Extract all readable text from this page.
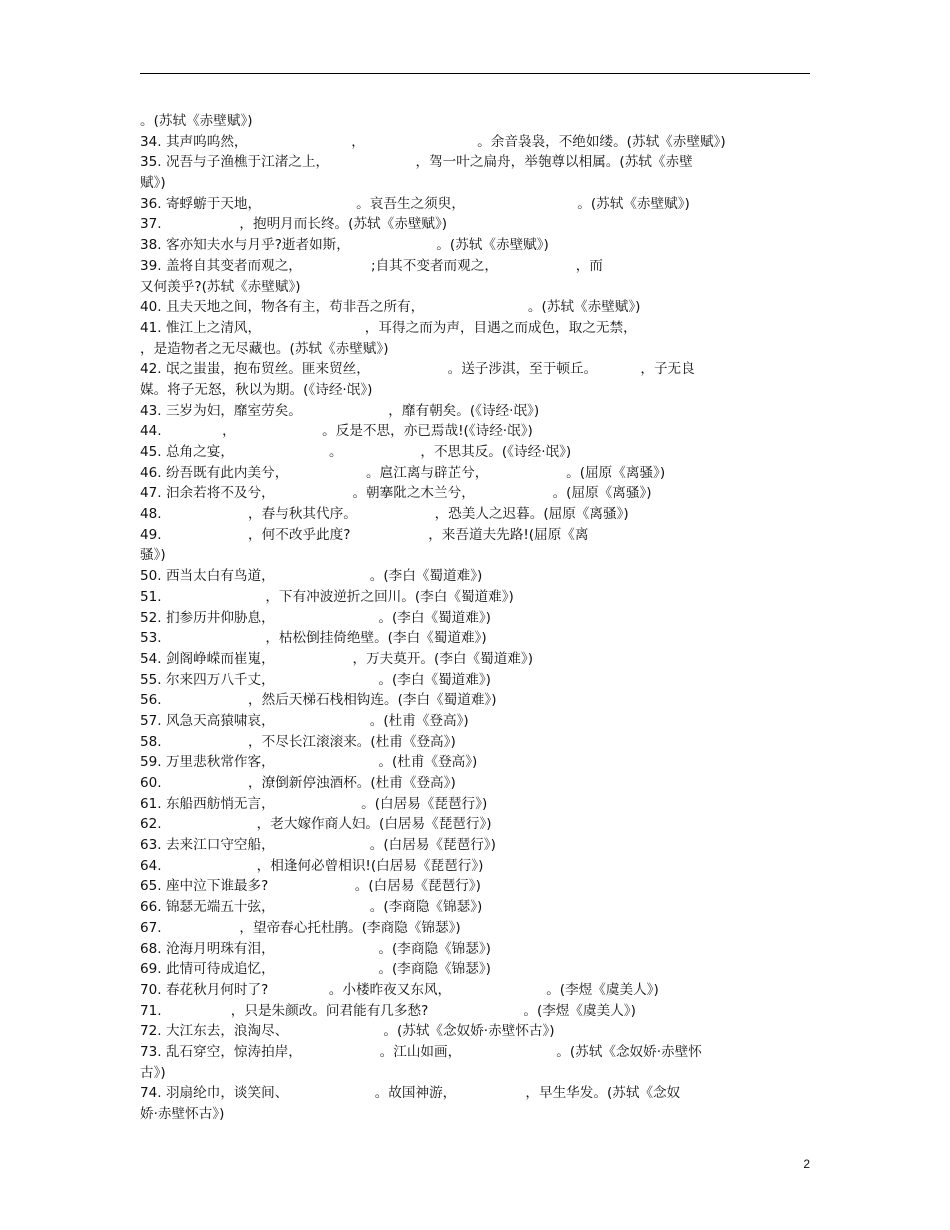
。(苏轼《赤壁赋》)
34. 其声呜呜然，                        ，                          。余音袅袅，不绝如缕。(苏轼《赤壁赋》)
35. 况吾与子渔樵于江渚之上，                    ，驾一叶之扁舟，举匏尊以相属。(苏轼《赤壁
赋》)
36. 寄蜉蝣于天地，                      。哀吾生之须臾，                          。(苏轼《赤壁赋》)
37.                  ，抱明月而长终。(苏轼《赤壁赋》)
38. 客亦知夫水与月乎?逝者如斯，                    。(苏轼《赤壁赋》)
39. 盖将自其变者而观之，                ;自其不变者而观之，                  ，而
又何羡乎?(苏轼《赤壁赋》)
40. 且夫天地之间，物各有主，苟非吾之所有，                        。(苏轼《赤壁赋》)
41. 惟江上之清风，                        ，耳得之而为声，目遇之而成色，取之无禁，
，是造物者之无尽藏也。(苏轼《赤壁赋》)
42. 氓之蚩蚩，抱布贸丝。匪来贸丝，                  。送子涉淇，至于顿丘。          ，子无良
媒。将子无怒，秋以为期。(《诗经·氓》)
43. 三岁为妇，靡室劳矣。                    ，靡有朝矣。(《诗经·氓》)
44.              ，                    。反是不思，亦已焉哉!(《诗经·氓》)
45. 总角之宴，                      。                  ，不思其反。(《诗经·氓》)
46. 纷吾既有此内美兮，                  。扈江离与辟芷兮，                  。(屈原《离骚》)
47. 汩余若将不及兮，                  。朝搴阰之木兰兮，                  。(屈原《离骚》)
48.                    ，春与秋其代序。                  ，恐美人之迟暮。(屈原《离骚》)
49.                    ，何不改乎此度?                  ，来吾道夫先路!(屈原《离
骚》)
50. 西当太白有鸟道，                      。(李白《蜀道难》)
51.                        ，下有冲波逆折之回川。(李白《蜀道难》)
52. 扪参历井仰胁息，                        。(李白《蜀道难》)
53.                        ，枯松倒挂倚绝壁。(李白《蜀道难》)
54. 剑阁峥嵘而崔嵬，                  ，万夫莫开。(李白《蜀道难》)
55. 尔来四万八千丈，                        。(李白《蜀道难》)
56.                    ，然后天梯石栈相钩连。(李白《蜀道难》)
57. 风急天高猿啸哀，                      。(杜甫《登高》)
58.                    ，不尽长江滚滚来。(杜甫《登高》)
59. 万里悲秋常作客，                        。(杜甫《登高》)
60.                    ，潦倒新停浊酒杯。(杜甫《登高》)
61. 东船西舫悄无言，                    。(白居易《琵琶行》)
62.                      ，老大嫁作商人妇。(白居易《琵琶行》)
63. 去来江口守空船，                      。(白居易《琵琶行》)
64.                      ，相逢何必曾相识!(白居易《琵琶行》)
65. 座中泣下谁最多?                    。(白居易《琵琶行》)
66. 锦瑟无端五十弦，                      。(李商隐《锦瑟》)
67.                  ，望帝春心托杜鹃。(李商隐《锦瑟》)
68. 沧海月明珠有泪，                        。(李商隐《锦瑟》)
69. 此情可待成追忆，                        。(李商隐《锦瑟》)
70. 春花秋月何时了?              。小楼昨夜又东风，                      。(李煜《虞美人》)
71.                ，只是朱颜改。问君能有几多愁?                      。(李煜《虞美人》)
72. 大江东去，浪淘尽、                      。(苏轼《念奴娇·赤壁怀古》)
73. 乱石穿空，惊涛拍岸，                  。江山如画，                      。(苏轼《念奴娇·赤壁怀
古》)
74. 羽扇纶巾，谈笑间、                    。故国神游，                ，早生华发。(苏轼《念奴
娇·赤壁怀古》)
2
